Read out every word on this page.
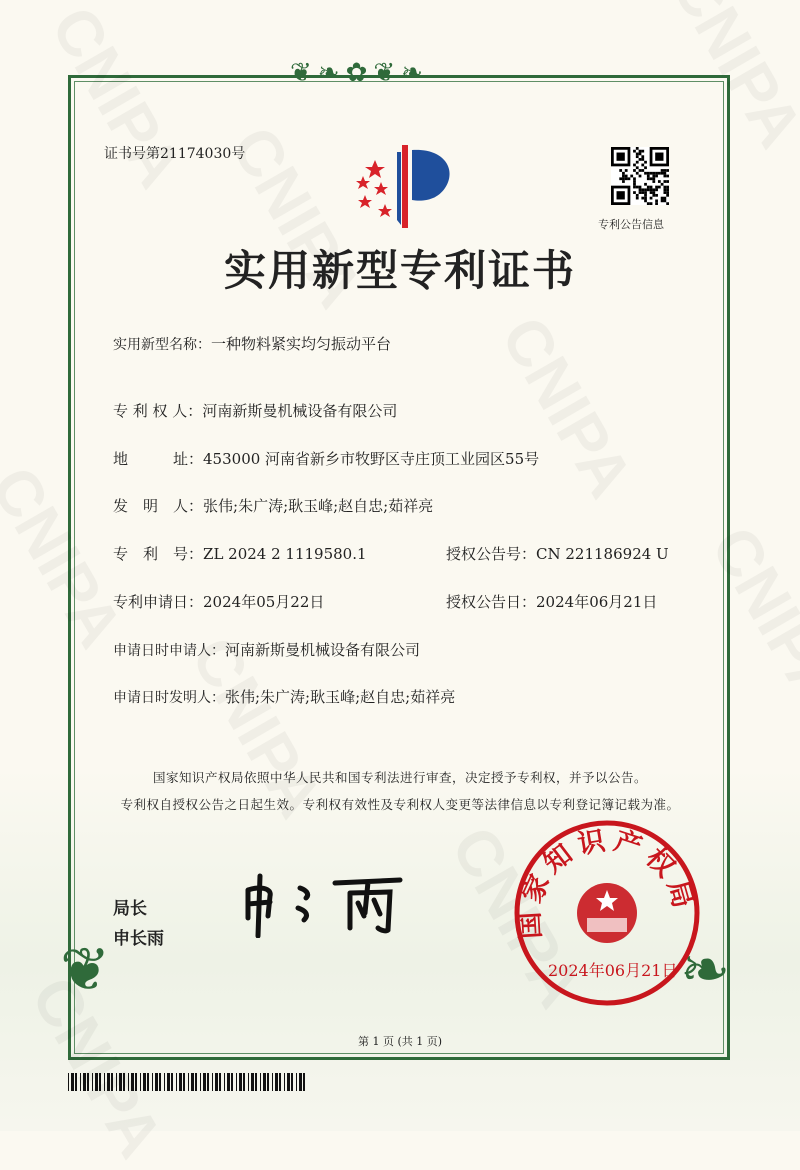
❦❧✿❦❧
❦	❧
证书号第21174030号
专利公告信息
实用新型专利证书
实用新型名称：一种物料紧实均匀振动平台
专 利 权 人：河南新斯曼机械设备有限公司
地　　　址：453000 河南省新乡市牧野区寺庄顶工业园区55号
发　明　人：张伟;朱广涛;耿玉峰;赵自忠;茹祥亮
专　利　号：ZL 2024 2 1119580.1
专利申请日：2024年05月22日
申请日时申请人：河南新斯曼机械设备有限公司
申请日时发明人：张伟;朱广涛;耿玉峰;赵自忠;茹祥亮
授权公告号：CN 221186924 U
授权公告日：2024年06月21日
国家知识产权局依照中华人民共和国专利法进行审查，决定授予专利权，并予以公告。
专利权自授权公告之日起生效。专利权有效性及专利权人变更等法律信息以专利登记簿记载为准。
局长
申长雨	国家知识产权局
2024年06月21日
第 1 页 (共 1 页)
